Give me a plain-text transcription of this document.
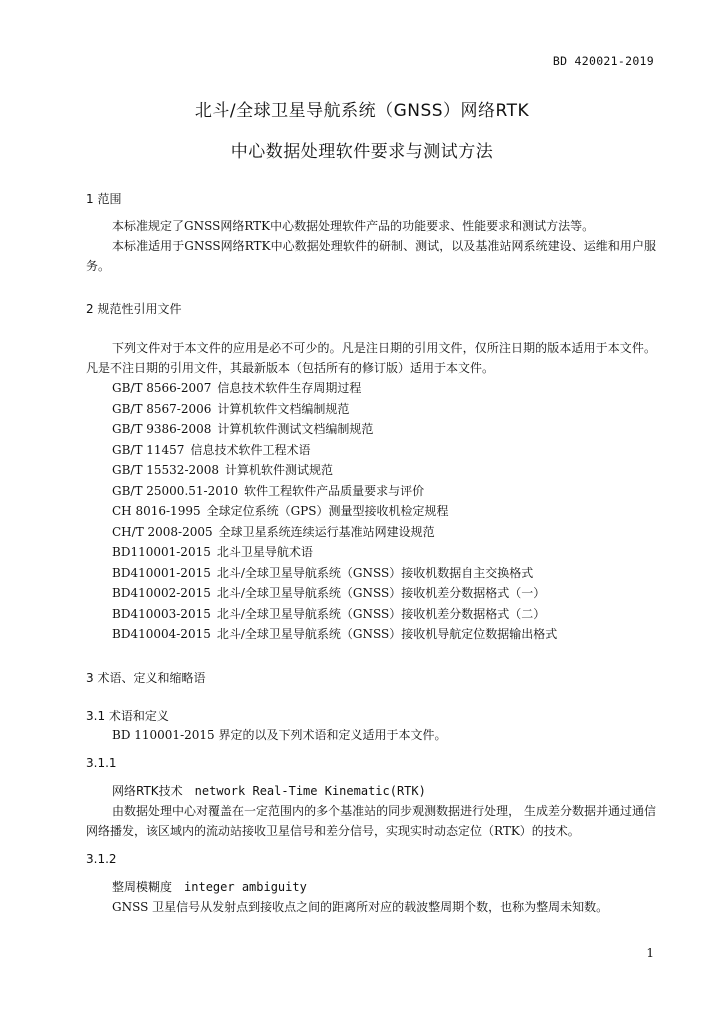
BD 420021-2019
北斗/全球卫星导航系统（GNSS）网络RTK
中心数据处理软件要求与测试方法

1 范围

本标准规定了GNSS网络RTK中心数据处理软件产品的功能要求、性能要求和测试方法等。

本标准适用于GNSS网络RTK中心数据处理软件的研制、测试，以及基准站网系统建设、运维和用户服务。

2 规范性引用文件

下列文件对于本文件的应用是必不可少的。凡是注日期的引用文件，仅所注日期的版本适用于本文件。凡是不注日期的引用文件，其最新版本（包括所有的修订版）适用于本文件。

GB/T 8566-2007 信息技术软件生存周期过程
GB/T 8567-2006 计算机软件文档编制规范
GB/T 9386-2008 计算机软件测试文档编制规范
GB/T 11457 信息技术软件工程术语
GB/T 15532-2008 计算机软件测试规范
GB/T 25000.51-2010 软件工程软件产品质量要求与评价
CH 8016-1995 全球定位系统（GPS）测量型接收机检定规程
CH/T 2008-2005 全球卫星系统连续运行基准站网建设规范
BD110001-2015 北斗卫星导航术语
BD410001-2015 北斗/全球卫星导航系统（GNSS）接收机数据自主交换格式
BD410002-2015 北斗/全球卫星导航系统（GNSS）接收机差分数据格式（一）
BD410003-2015 北斗/全球卫星导航系统（GNSS）接收机差分数据格式（二）
BD410004-2015 北斗/全球卫星导航系统（GNSS）接收机导航定位数据输出格式

3 术语、定义和缩略语

3.1 术语和定义

BD 110001-2015 界定的以及下列术语和定义适用于本文件。

3.1.1

网络RTK技术 network Real-Time Kinematic(RTK)

由数据处理中心对覆盖在一定范围内的多个基准站的同步观测数据进行处理， 生成差分数据并通过通信网络播发，该区域内的流动站接收卫星信号和差分信号，实现实时动态定位（RTK）的技术。

3.1.2

整周模糊度 integer ambiguity

GNSS 卫星信号从发射点到接收点之间的距离所对应的载波整周期个数，也称为整周未知数。

1
